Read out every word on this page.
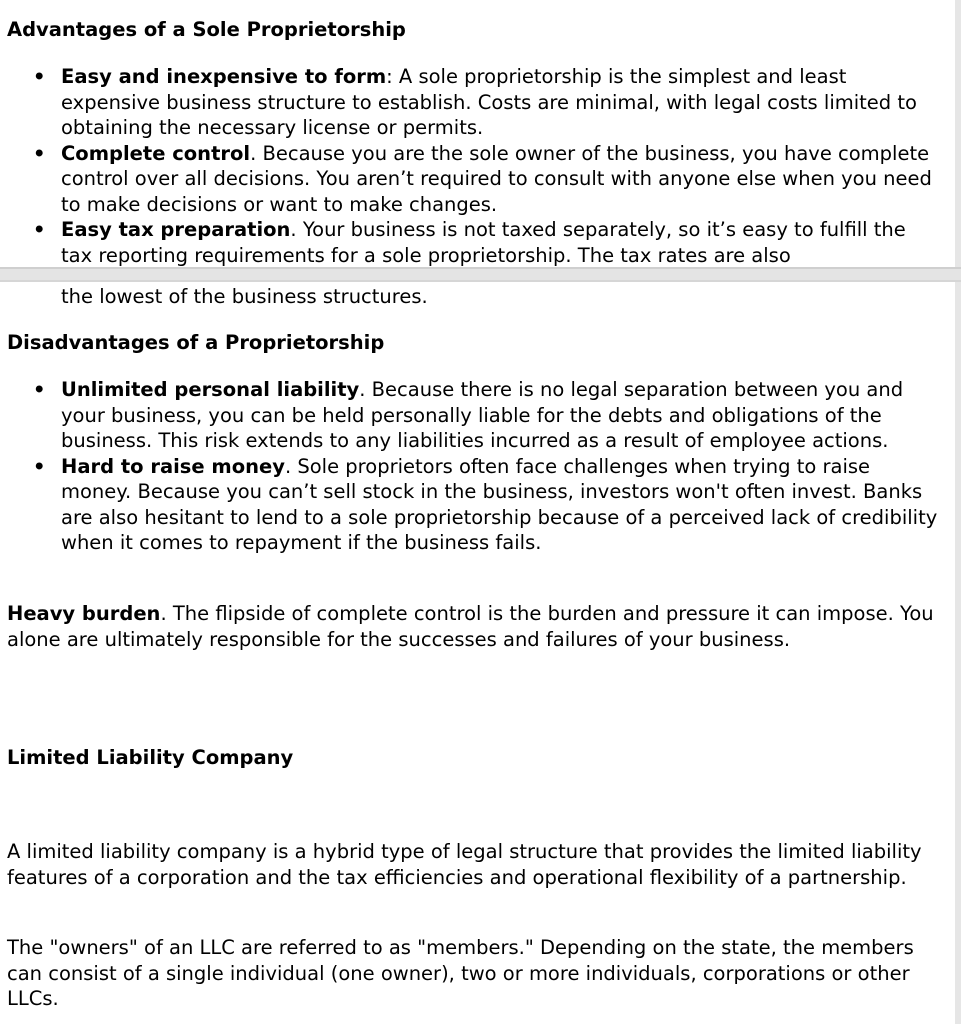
Advantages of a Sole Proprietorship
• Easy and inexpensive to form: A sole proprietorship is the simplest and least expensive business structure to establish. Costs are minimal, with legal costs limited to obtaining the necessary license or permits.
• Complete control. Because you are the sole owner of the business, you have complete control over all decisions. You aren’t required to consult with anyone else when you need to make decisions or want to make changes.
• Easy tax preparation. Your business is not taxed separately, so it’s easy to fulfill the tax reporting requirements for a sole proprietorship. The tax rates are also

the lowest of the business structures.

Disadvantages of a Proprietorship
• Unlimited personal liability. Because there is no legal separation between you and your business, you can be held personally liable for the debts and obligations of the business. This risk extends to any liabilities incurred as a result of employee actions.
• Hard to raise money. Sole proprietors often face challenges when trying to raise money. Because you can’t sell stock in the business, investors won't often invest. Banks are also hesitant to lend to a sole proprietorship because of a perceived lack of credibility when it comes to repayment if the business fails.

Heavy burden. The flipside of complete control is the burden and pressure it can impose. You alone are ultimately responsible for the successes and failures of your business.

Limited Liability Company

A limited liability company is a hybrid type of legal structure that provides the limited liability features of a corporation and the tax efficiencies and operational flexibility of a partnership.

The "owners" of an LLC are referred to as "members." Depending on the state, the members can consist of a single individual (one owner), two or more individuals, corporations or other LLCs.
